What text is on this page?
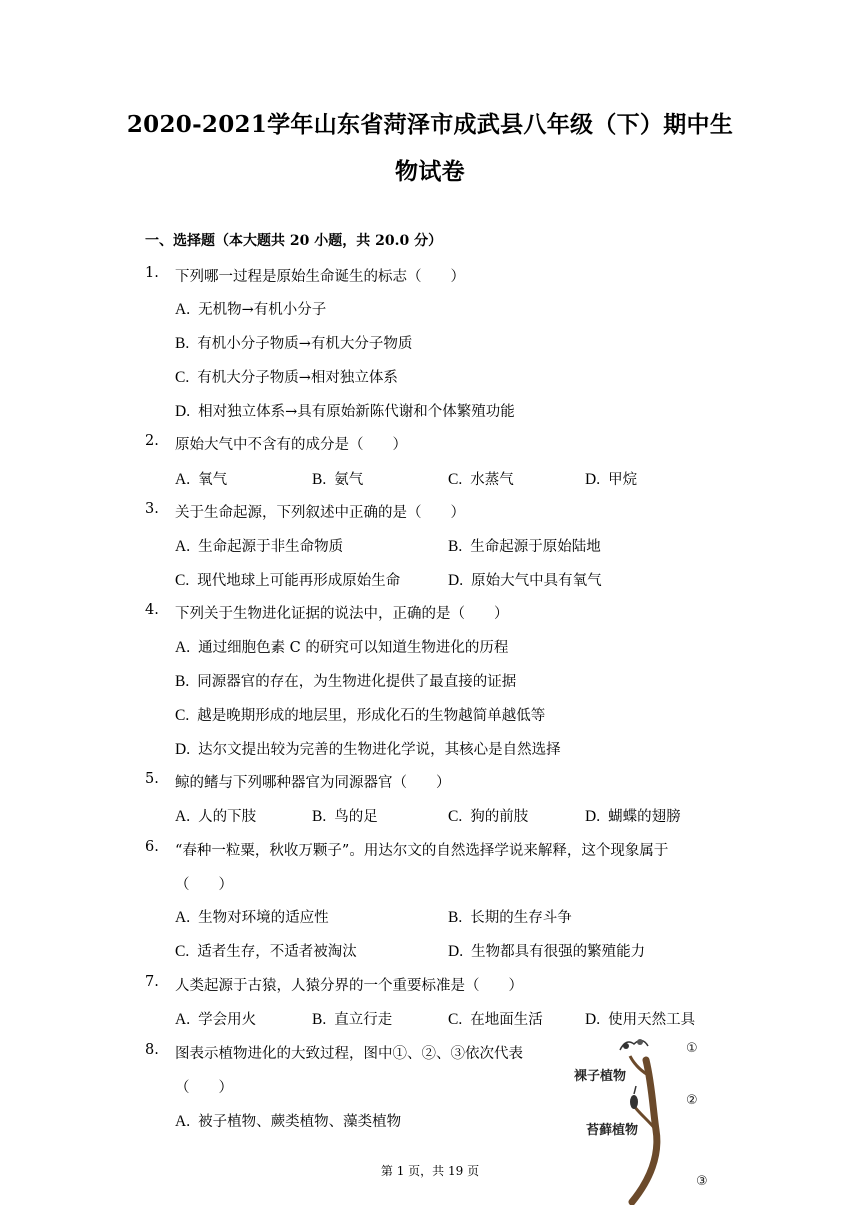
2020-2021学年山东省菏泽市成武县八年级（下）期中生
物试卷
一、选择题（本大题共 20 小题，共 20.0 分）
1. 下列哪一过程是原始生命诞生的标志（　　）
A. 无机物→有机小分子
B. 有机小分子物质→有机大分子物质
C. 有机大分子物质→相对独立体系
D. 相对独立体系→具有原始新陈代谢和个体繁殖功能
2. 原始大气中不含有的成分是（　　）
A. 氧气	B. 氨气	C. 水蒸气	D. 甲烷
3. 关于生命起源，下列叙述中正确的是（　　）
A. 生命起源于非生命物质	B. 生命起源于原始陆地
C. 现代地球上可能再形成原始生命	D. 原始大气中具有氧气
4. 下列关于生物进化证据的说法中，正确的是（　　）
A. 通过细胞色素 C 的研究可以知道生物进化的历程
B. 同源器官的存在，为生物进化提供了最直接的证据
C. 越是晚期形成的地层里，形成化石的生物越简单越低等
D. 达尔文提出较为完善的生物进化学说，其核心是自然选择
5. 鲸的鳍与下列哪种器官为同源器官（　　）
A. 人的下肢	B. 鸟的足	C. 狗的前肢	D. 蝴蝶的翅膀
6. “春种一粒粟，秋收万颗子”。用达尔文的自然选择学说来解释，这个现象属于
（　　）
A. 生物对环境的适应性	B. 长期的生存斗争
C. 适者生存，不适者被淘汰	D. 生物都具有很强的繁殖能力
7. 人类起源于古猿，人猿分界的一个重要标准是（　　）
A. 学会用火	B. 直立行走	C. 在地面生活	D. 使用天然工具
8. 图表示植物进化的大致过程，图中①、②、③依次代表
（　　）
A. 被子植物、蕨类植物、藻类植物
裸子植物
苔藓植物
①
②
③
第 1 页，共 19 页
